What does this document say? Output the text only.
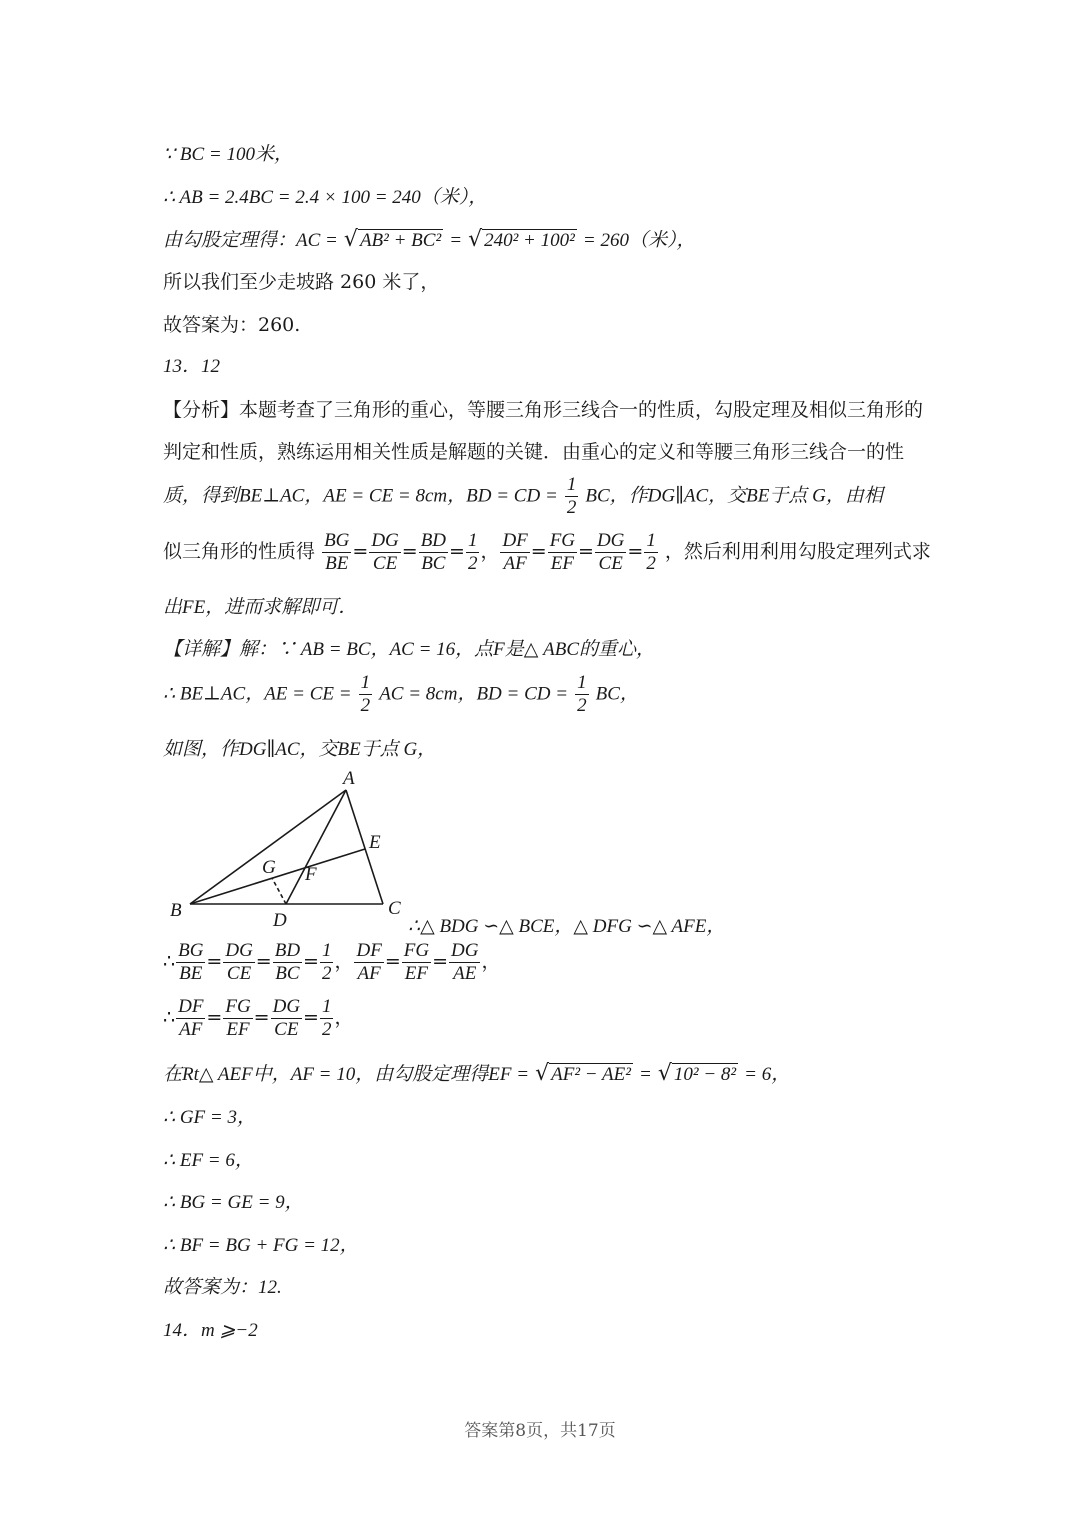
∵ BC = 100米，
∴ AB = 2.4BC = 2.4 × 100 = 240（米），
由勾股定理得：AC = √ AB² + BC² = √ 240² + 100² = 260（米），
所以我们至少走坡路 260 米了，
故答案为：260.
13．12
【分析】本题考查了三角形的重心，等腰三角形三线合一的性质，勾股定理及相似三角形的
判定和性质，熟练运用相关性质是解题的关键．由重心的定义和等腰三角形三线合一的性
质，得到BE⊥AC，AE = CE = 8cm，BD = CD = $\frac{1}{2}$ BC，作DG∥AC，交BE于点 G，由相
似三角形的性质得 $\frac{BG}{BE} = \frac{DG}{CE} = \frac{BD}{BC} = \frac{1}{2}$ ， $\frac{DF}{AF} = \frac{FG}{EF} = \frac{DG}{CE} = \frac{1}{2}$ ，然后利用利用勾股定理列式求
出FE，进而求解即可．
【详解】解：∵ AB = BC，AC = 16，点F是△ ABC的重心，
∴ BE⊥AC，AE = CE = $\frac{1}{2}$ AC = 8cm，BD = CD = $\frac{1}{2}$ BC，
如图，作DG∥AC，交BE于点 G，
A
B	C
D
E
F
G
∴△ BDG ∽△ BCE，△ DFG ∽△ AFE，
∴ $\frac{BG}{BE} = \frac{DG}{CE} = \frac{BD}{BC} = \frac{1}{2}$ ， $\frac{DF}{AF} = \frac{FG}{EF} = \frac{DG}{AE}$ ，
∴ $\frac{DF}{AF} = \frac{FG}{EF} = \frac{DG}{CE} = \frac{1}{2}$ ，
在Rt△ AEF中，AF = 10，由勾股定理得EF = √ AF² − AE² = √ 10² − 8² = 6，
∴ GF = 3，
∴ EF = 6，
∴ BG = GE = 9，
∴ BF = BG + FG = 12，
故答案为：12.
14．m ⩾−2
答案第8页，共17页
